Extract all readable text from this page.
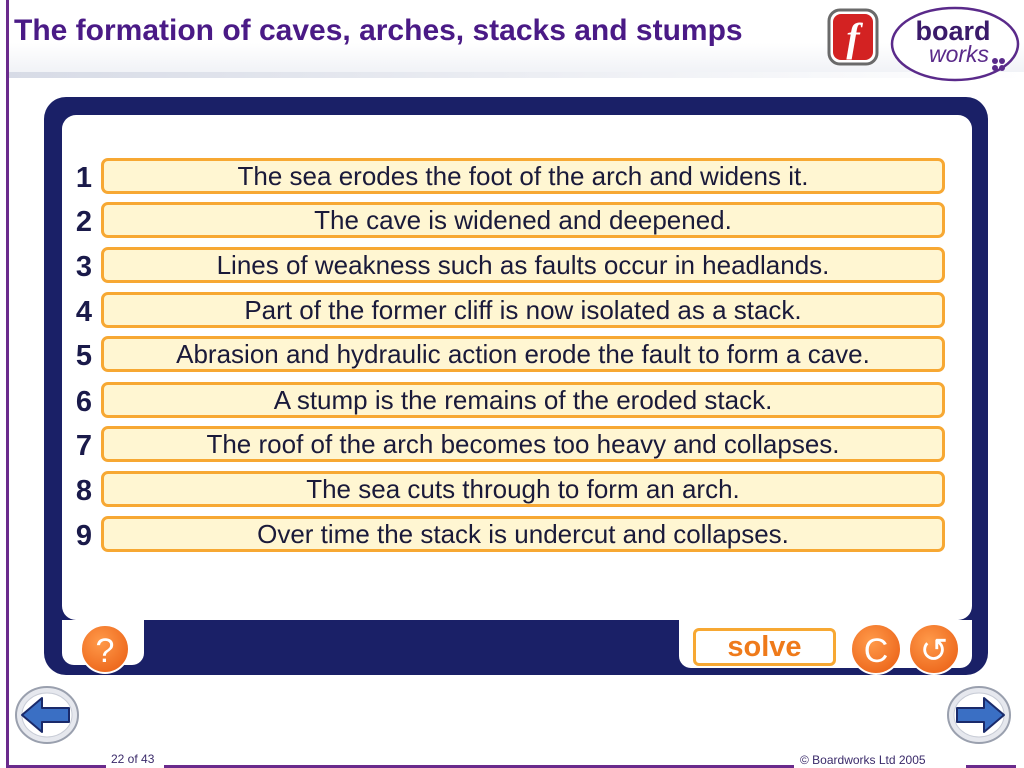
The formation of caves, arches, stacks and stumps	f board
works
1	The sea erodes the foot of the arch and widens it.
2	The cave is widened and deepened.
3	Lines of weakness such as faults occur in headlands.
4	Part of the former cliff is now isolated as a stack.
5	Abrasion and hydraulic action erode the fault to form a cave.
6	A stump is the remains of the eroded stack.
7	The roof of the arch becomes too heavy and collapses.
8	The sea cuts through to form an arch.
9	Over time the stack is undercut and collapses.
?	solve	C ↺
22 of 43	© Boardworks Ltd 2005
